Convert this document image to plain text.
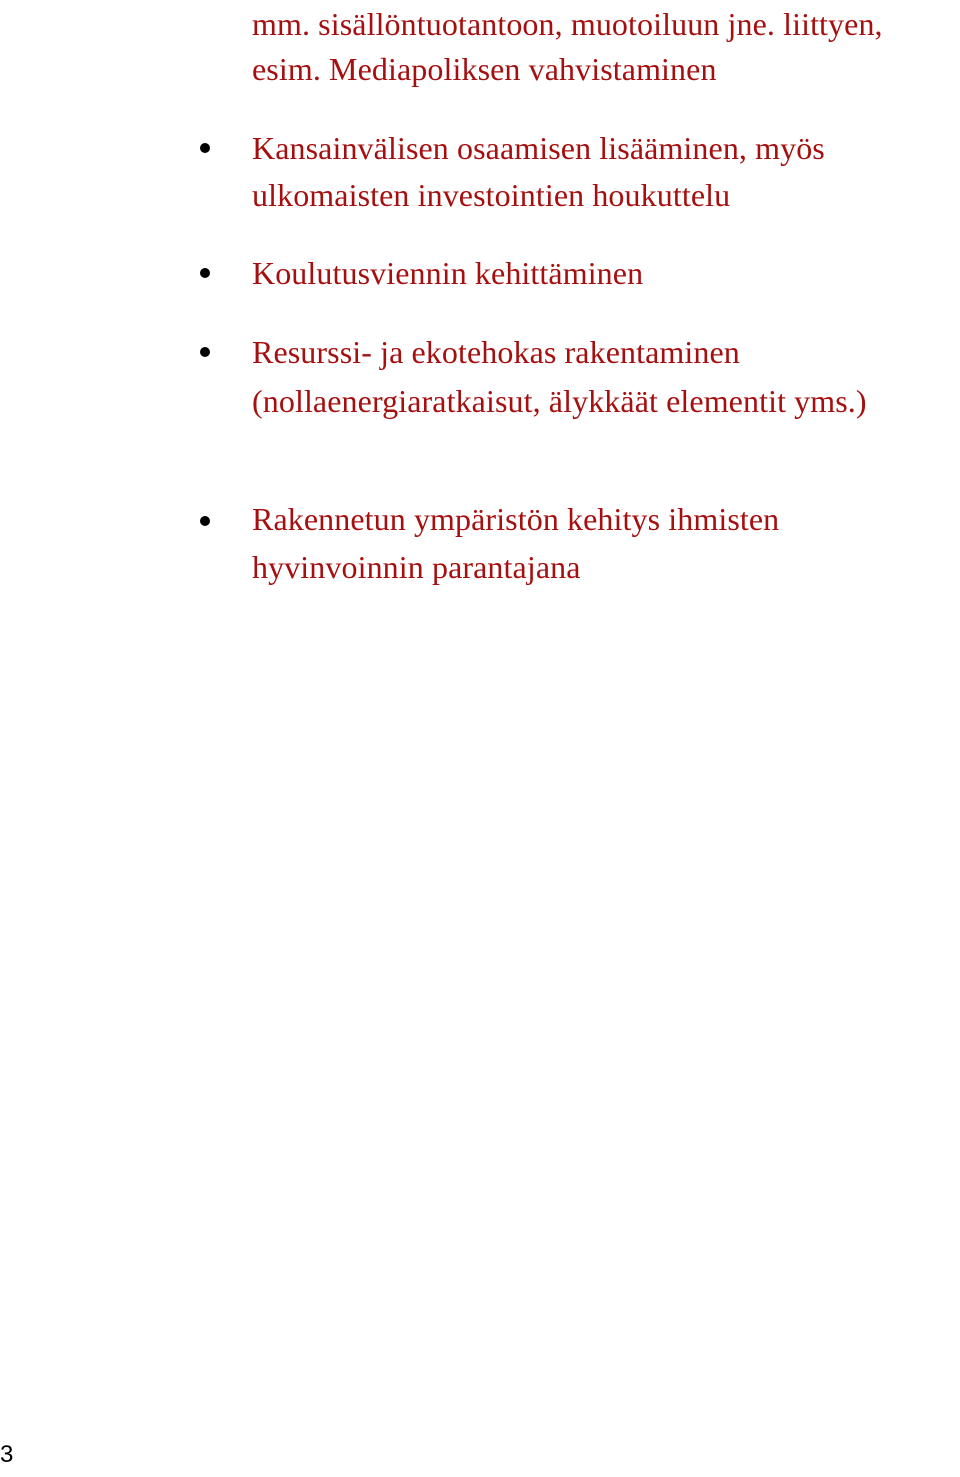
mm. sisällöntuotantoon, muotoiluun jne. liittyen,
esim. Mediapoliksen vahvistaminen
Kansainvälisen osaamisen lisääminen, myös
ulkomaisten investointien houkuttelu
Koulutusviennin kehittäminen
Resurssi- ja ekotehokas rakentaminen
(nollaenergiaratkaisut, älykkäät elementit yms.)
Rakennetun ympäristön kehitys ihmisten
hyvinvoinnin parantajana
3
